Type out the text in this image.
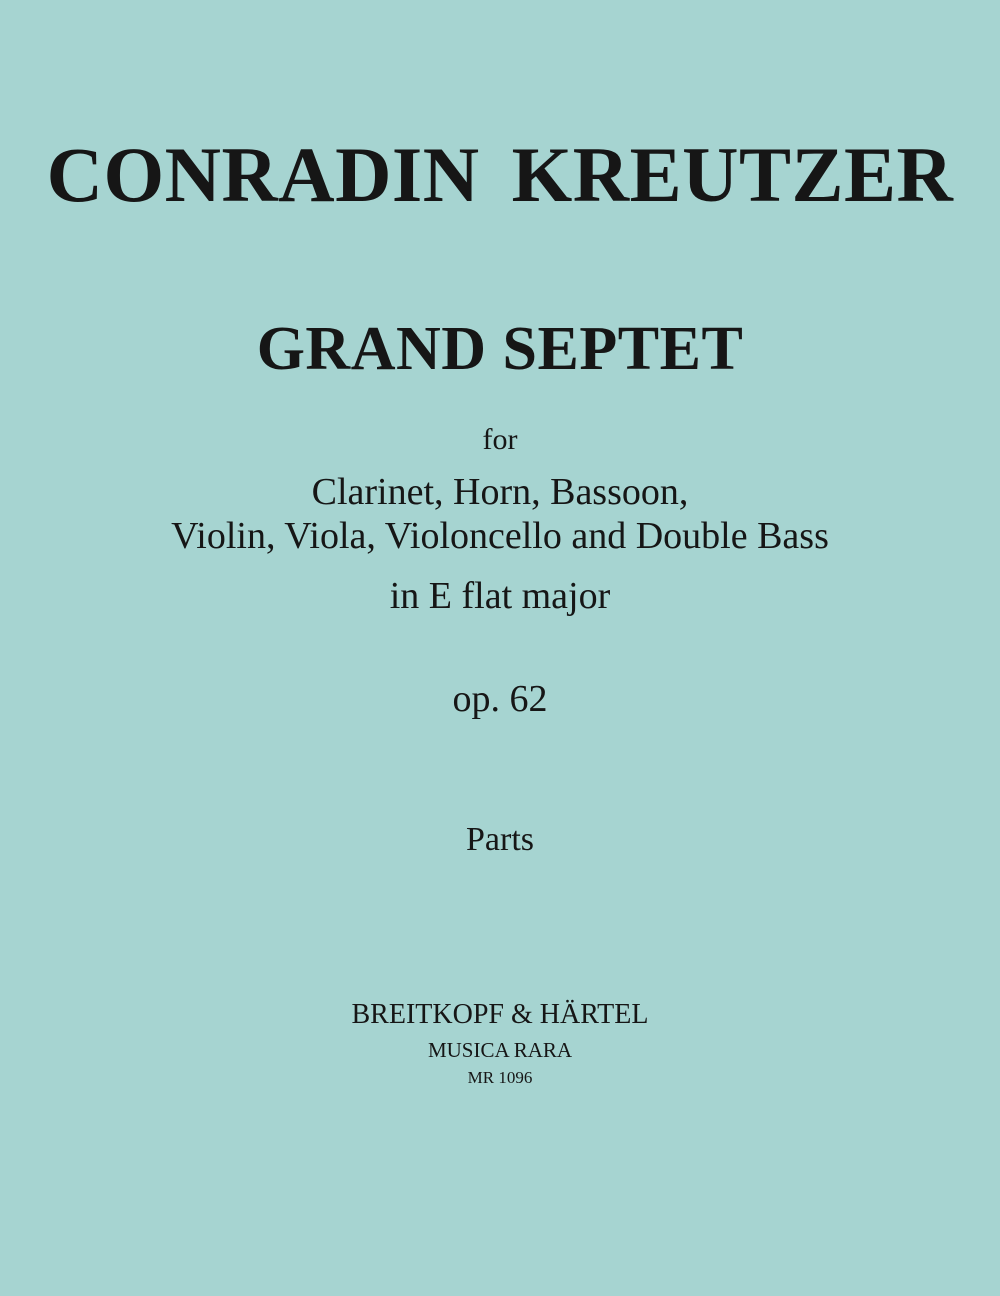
CONRADIN KREUTZER
GRAND SEPTET

for

Clarinet, Horn, Bassoon,

Violin, Viola, Violoncello and Double Bass

in E flat major

op. 62

Parts

BREITKOPF & HÄRTEL

MUSICA RARA

MR 1096
